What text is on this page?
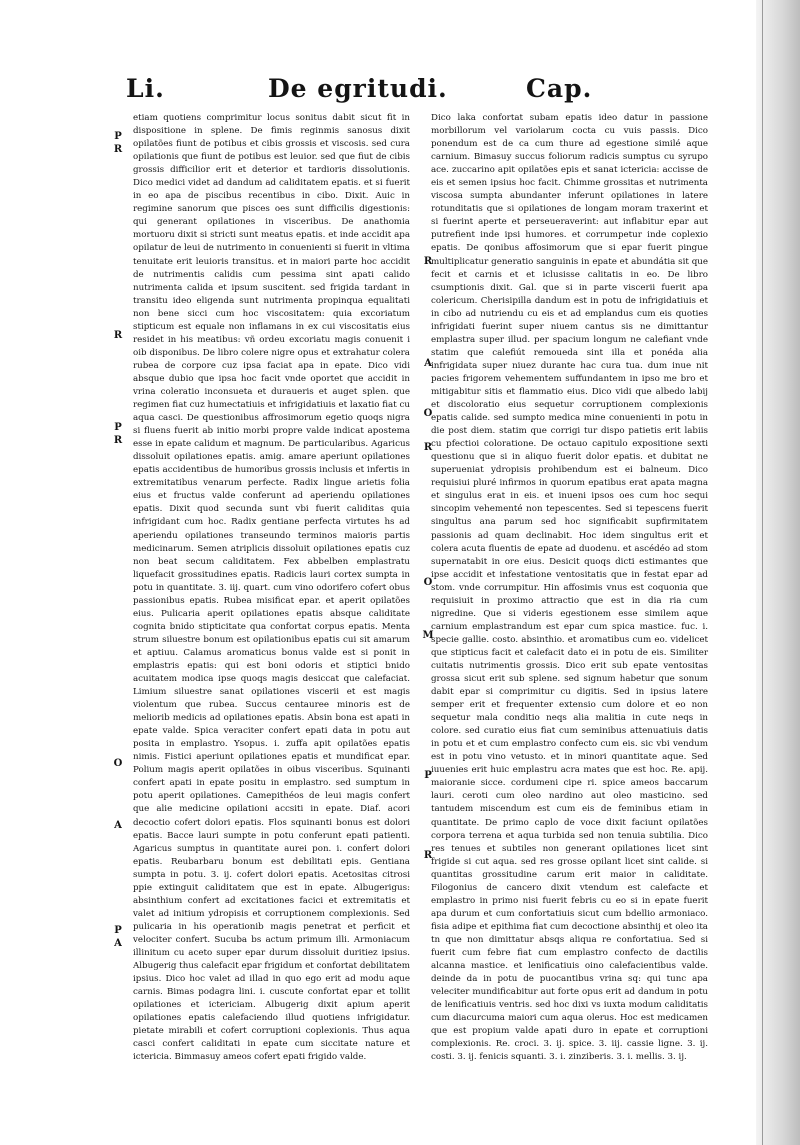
Li.	De egritudi.	Cap.
P
R
R
P
R
O
A
P
A
R
A
O
R
O
M
P
R
etiam quotiens comprimitur locus sonitus dabit sicut fit in dispositione in splene. De fimis reginmis sanosus dixit opilatões fiunt de potibus et cibis grossis et viscosis. sed cura opilationis que fiunt de potibus est leuior. sed que fiut de cibis grossis difficilior erit et deterior et tardioris dissolutionis. Dico medici videt ad dandum ad caliditatem epatis. et si fuerit in eo apa de piscibus recentibus in cibo. Dixit. Auic in regimine sanorum que pisces oes sunt difficilis digestionis: qui generant opilationes in visceribus. De anathomia mortuoru dixit si stricti sunt meatus epatis. et inde accidit apa opilatur de leui de nutrimento in conuenienti si fuerit in vltima tenuitate erit leuioris transitus. et in maiori parte hoc accidit de nutrimentis calidis cum pessima sint apati calido nutrimenta calida et ipsum suscitent. sed frigida tardant in transitu ideo eligenda sunt nutrimenta propinqua equalitati non bene sicci cum hoc viscositatem: quia excoriatum stipticum est equale non inflamans in ex cui viscositatis eius residet in his meatibus: vñ ordeu excoriatu magis conuenit i oib disponibus. De libro colere nigre opus et extrahatur colera rubea de corpore cuz ipsa faciat apa in epate. Dico vidi absque dubio que ipsa hoc facit vnde oportet que accidit in vrina coleratio inconsueta et duraueris et auget splen. que regimen fiat cuz humectatiuis et infrigidatiuis et laxatio fiat cu aqua casci. De questionibus affrosimorum egetio quoqs nigra si fluens fuerit ab initio morbi propre valde indicat apostema esse in epate calidum et magnum. De particularibus. Agaricus dissoluit opilationes epatis. amig. amare aperiunt opilationes epatis accidentibus de humoribus grossis inclusis et infertis in extremitatibus venarum perfecte. Radix lingue arietis folia eius et fructus valde conferunt ad aperiendu opilationes epatis. Dixit quod secunda sunt vbi fuerit caliditas quia infrigidant cum hoc. Radix gentiane perfecta virtutes hs ad aperiendu opilationes transeundo terminos maioris partis medicinarum. Semen atriplicis dissoluit opilationes epatis cuz non beat secum caliditatem. Fex abbelben emplastratu liquefacit grossitudines epatis. Radicis lauri cortex sumpta in potu in quantitate. 3. iij. quart. cum vino odorifero cofert obus passionibus epatis. Rubea misificat epar. et aperit opilatões eius. Pulicaria aperit opilationes epatis absque caliditate cognita bnido stipticitate qua confortat corpus epatis. Menta strum siluestre bonum est opilationibus epatis cui sit amarum et aptiuu. Calamus aromaticus bonus valde est si ponit in emplastris epatis: qui est boni odoris et stiptici bnido acuitatem modica ipse quoqs magis desiccat que calefaciat. Limium siluestre sanat opilationes viscerii et est magis violentum que rubea. Succus centauree minoris est de meliorib medicis ad opilationes epatis. Absin bona est apati in epate valde. Spica veraciter confert epati data in potu aut posita in emplastro. Ysopus. i. zuffa apit opilatões epatis nimis. Fistici aperiunt opilationes epatis et mundificat epar. Polium magis aperit opilatões in oibus visceribus. Squinanti confert apati in epate positu in emplastro. sed sumptum in potu aperit opilationes. Camepithéos de leui magis confert que alie medicine opilationi accsiti in epate. Diaf. acori decoctio cofert dolori epatis. Flos squinanti bonus est dolori epatis. Bacce lauri sumpte in potu conferunt epati patienti. Agaricus sumptus in quantitate aurei pon. i. confert dolori epatis. Reubarbaru bonum est debilitati epis. Gentiana sumpta in potu. 3. ij. cofert dolori epatis. Acetositas citrosi ppie extinguit caliditatem que est in epate. Albugerigus: absinthium confert ad excitationes facici et extremitatis et valet ad initium ydropisis et corruptionem complexionis. Sed pulicaria in his operationib magis penetrat et perficit et velociter confert. Sucuba bs actum primum illi. Armoniacum illinitum cu aceto super epar durum dissoluit duritiez ipsius. Albugerig thus calefacit epar frigidum et confortat debilitatem ipsius. Dico hoc valet ad illad in quo ego erit ad modu aque carnis. Bimas podagra lini. i. cuscute confortat epar et tollit opilationes et ictericiam. Albugerig dixit apium aperit opilationes epatis calefaciendo illud quotiens infrigidatur. pietate mirabili et cofert corruptioni coplexionis. Thus aqua casci confert caliditati in epate cum siccitate nature et ictericia. Bimmasuy ameos cofert epati frigido valde.
Dico laka confortat subam epatis ideo datur in passione morbillorum vel variolarum cocta cu vuis passis. Dico ponendum est de ca cum thure ad egestione similé aque carnium. Bimasuy succus foliorum radicis sumptus cu syrupo ace. zuccarino apit opilatões epis et sanat ictericia: accisse de eis et semen ipsius hoc facit. Chimme grossitas et nutrimenta viscosa sumpta abundanter inferunt opilationes in latere rotunditatis que si opilationes de longam moram traxerint et si fuerint aperte et perseueraverint: aut inflabitur epar aut putrefient inde ipsi humores. et corrumpetur inde coplexio epatis. De qonibus affosimorum que si epar fuerit pingue multiplicatur generatio sanguinis in epate et abundátia sit que fecit et carnis et et iclusisse calitatis in eo. De libro csumptionis dixit. Gal. que si in parte viscerii fuerit apa colericum. Cherisipilla dandum est in potu de infrigidatiuis et in cibo ad nutriendu cu eis et ad emplandus cum eis quoties infrigidati fuerint super niuem cantus sis ne dimittantur emplastra super illud. per spacium longum ne calefiant vnde statim que calefiút remoueda sint illa et ponéda alia infrigidata super niuez durante hac cura tua. dum inue nit pacies frigorem vehementem suffundantem in ipso me bro et mitigabitur sitis et flammatio eius. Dico vidi que albedo labij et discoloratio eius sequetur corruptionem complexionis epatis calide. sed sumpto medica mine conuenienti in potu in die post diem. statim que corrigi tur dispo patietis erit labiis cu pfectioi coloratione. De octauo capitulo expositione sexti questionu que si in aliquo fuerit dolor epatis. et dubitat ne superueniat ydropisis prohibendum est ei balneum. Dico requisiui pluré infirmos in quorum epatibus erat apata magna et singulus erat in eis. et inueni ipsos oes cum hoc sequi sincopim vehementé non tepescentes. Sed si tepescens fuerit singultus ana parum sed hoc significabit supfirmitatem passionis ad quam declinabit. Hoc idem singultus erit et colera acuta fluentis de epate ad duodenu. et ascédéo ad stom supernatabit in ore eius. Desicit quoqs dicti estimantes que ipse accidit et infestatione ventositatis que in festat epar ad stom. vnde corrumpitur. Hin affosimis vnus est coquonia que requisiuit in proximo attractio que est in dia ria cum nigredine. Que si videris egestionem esse similem aque carnium emplastrandum est epar cum spica mastice. fuc. i. specie gallie. costo. absinthio. et aromatibus cum eo. videlicet que stipticus facit et calefacit dato ei in potu de eis. Similiter cuitatis nutrimentis grossis. Dico erit sub epate ventositas grossa sicut erit sub splene. sed signum habetur que sonum dabit epar si comprimitur cu digitis. Sed in ipsius latere semper erit et frequenter extensio cum dolore et eo non sequetur mala conditio neqs alia malitia in cute neqs in colore. sed curatio eius fiat cum seminibus attenuatiuis datis in potu et et cum emplastro confecto cum eis. sic vbi vendum est in potu vino vetusto. et in minori quantitate aque. Sed iuuenies erit huic emplastru acra mates que est hoc. Re. apij. maioranie sicce. cordumeni cipe ri. spice ameos baccarum lauri. ceroti cum oleo nardino aut oleo masticino. sed tantudem miscendum est cum eis de feminibus etiam in quantitate. De primo caplo de voce dixit faciunt opilatões corpora terrena et aqua turbida sed non tenuia subtilia. Dico res tenues et subtiles non generant opilationes licet sint frigide si cut aqua. sed res grosse opilant licet sint calide. si quantitas grossitudine carum erit maior in caliditate. Filogonius de cancero dixit vtendum est calefacte et emplastro in primo nisi fuerit febris cu eo si in epate fuerit apa durum et cum confortatiuis sicut cum bdellio armoniaco. fisia adipe et epithima fiat cum decoctione absinthij et oleo ita tn que non dimittatur absqs aliqua re confortatiua. Sed si fuerit cum febre fiat cum emplastro confecto de dactilis alcanna mastice. et lenificatiuis oino calefacientibus valde. deinde da in potu de puocantibus vrina sq: qui tunc apa veleciter mundificabitur aut forte opus erit ad dandum in potu de lenificatiuis ventris. sed hoc dixi vs iuxta modum caliditatis cum diacurcuma maiori cum aqua olerus. Hoc est medicamen que est propium valde apati duro in epate et corruptioni complexionis. Re. croci. 3. ij. spice. 3. iij. cassie ligne. 3. ij. costi. 3. ij. fenicis squanti. 3. i. zinziberis. 3. i. mellis. 3. ij.
